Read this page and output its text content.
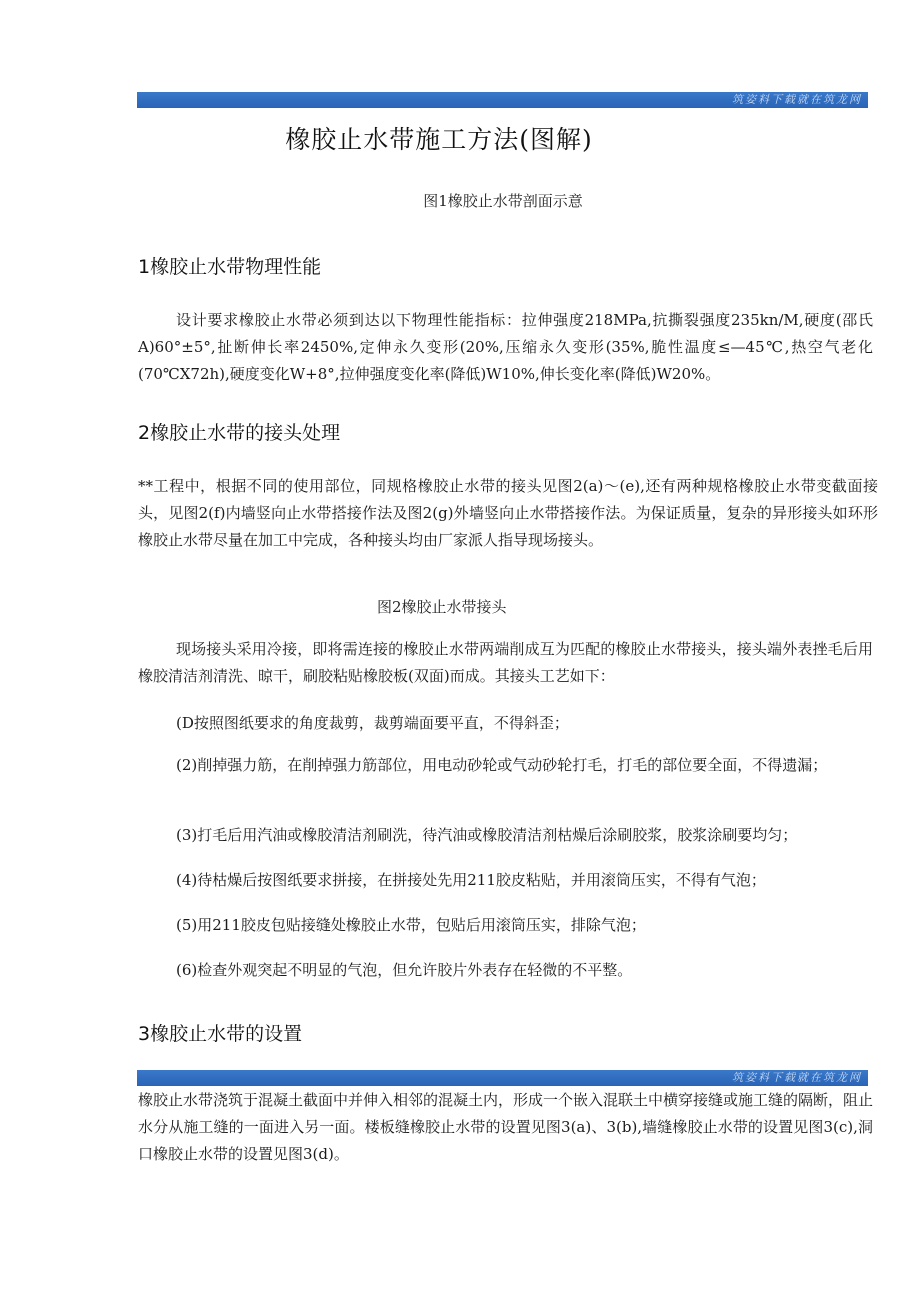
筑姿料下载就在筑龙网
橡胶止水带施工方法(图解)
图1橡胶止水带剖面示意
1橡胶止水带物理性能

设计要求橡胶止水带必须到达以下物理性能指标：拉伸强度218MPa,抗撕裂强度235kn∕M,硬度(邵氏A)60°±5°,扯断伸长率2450%,定伸永久变形(20%,压缩永久变形(35%,脆性温度≤—45℃,热空气老化(70℃X72h),硬度变化W+8°,拉伸强度变化率(降低)W10%,伸长变化率(降低)W20%。

2橡胶止水带的接头处理

**工程中，根据不同的使用部位，同规格橡胶止水带的接头见图2(a)～(e),还有两种规格橡胶止水带变截面接头，见图2(f)内墙竖向止水带搭接作法及图2(g)外墙竖向止水带搭接作法。为保证质量，复杂的异形接头如环形橡胶止水带尽量在加工中完成，各种接头均由厂家派人指导现场接头。

图2橡胶止水带接头

现场接头采用冷接，即将需连接的橡胶止水带两端削成互为匹配的橡胶止水带接头，接头端外表挫毛后用橡胶清洁剂清洗、晾干，刷胶粘贴橡胶板(双面)而成。其接头工艺如下：

(D按照图纸要求的角度裁剪，裁剪端面要平直，不得斜歪；

(2)削掉强力筋，在削掉强力筋部位，用电动砂轮或气动砂轮打毛，打毛的部位要全面，不得遗漏；

(3)打毛后用汽油或橡胶清洁剂刷洗，待汽油或橡胶清洁剂枯燥后涂刷胶浆，胶浆涂刷要均匀；

(4)待枯燥后按图纸要求拼接，在拼接处先用211胶皮粘贴，并用滚筒压实，不得有气泡；

(5)用211胶皮包贴接缝处橡胶止水带，包贴后用滚筒压实，排除气泡；

(6)检查外观突起不明显的气泡，但允许胶片外表存在轻微的不平整。

3橡胶止水带的设置
筑姿料下载就在筑龙网

橡胶止水带浇筑于混凝土截面中并伸入相邻的混凝土内，形成一个嵌入混联土中横穿接缝或施工缝的隔断，阻止水分从施工缝的一面进入另一面。楼板缝橡胶止水带的设置见图3(a)、3(b),墙缝橡胶止水带的设置见图3(c),洞口橡胶止水带的设置见图3(d)。
